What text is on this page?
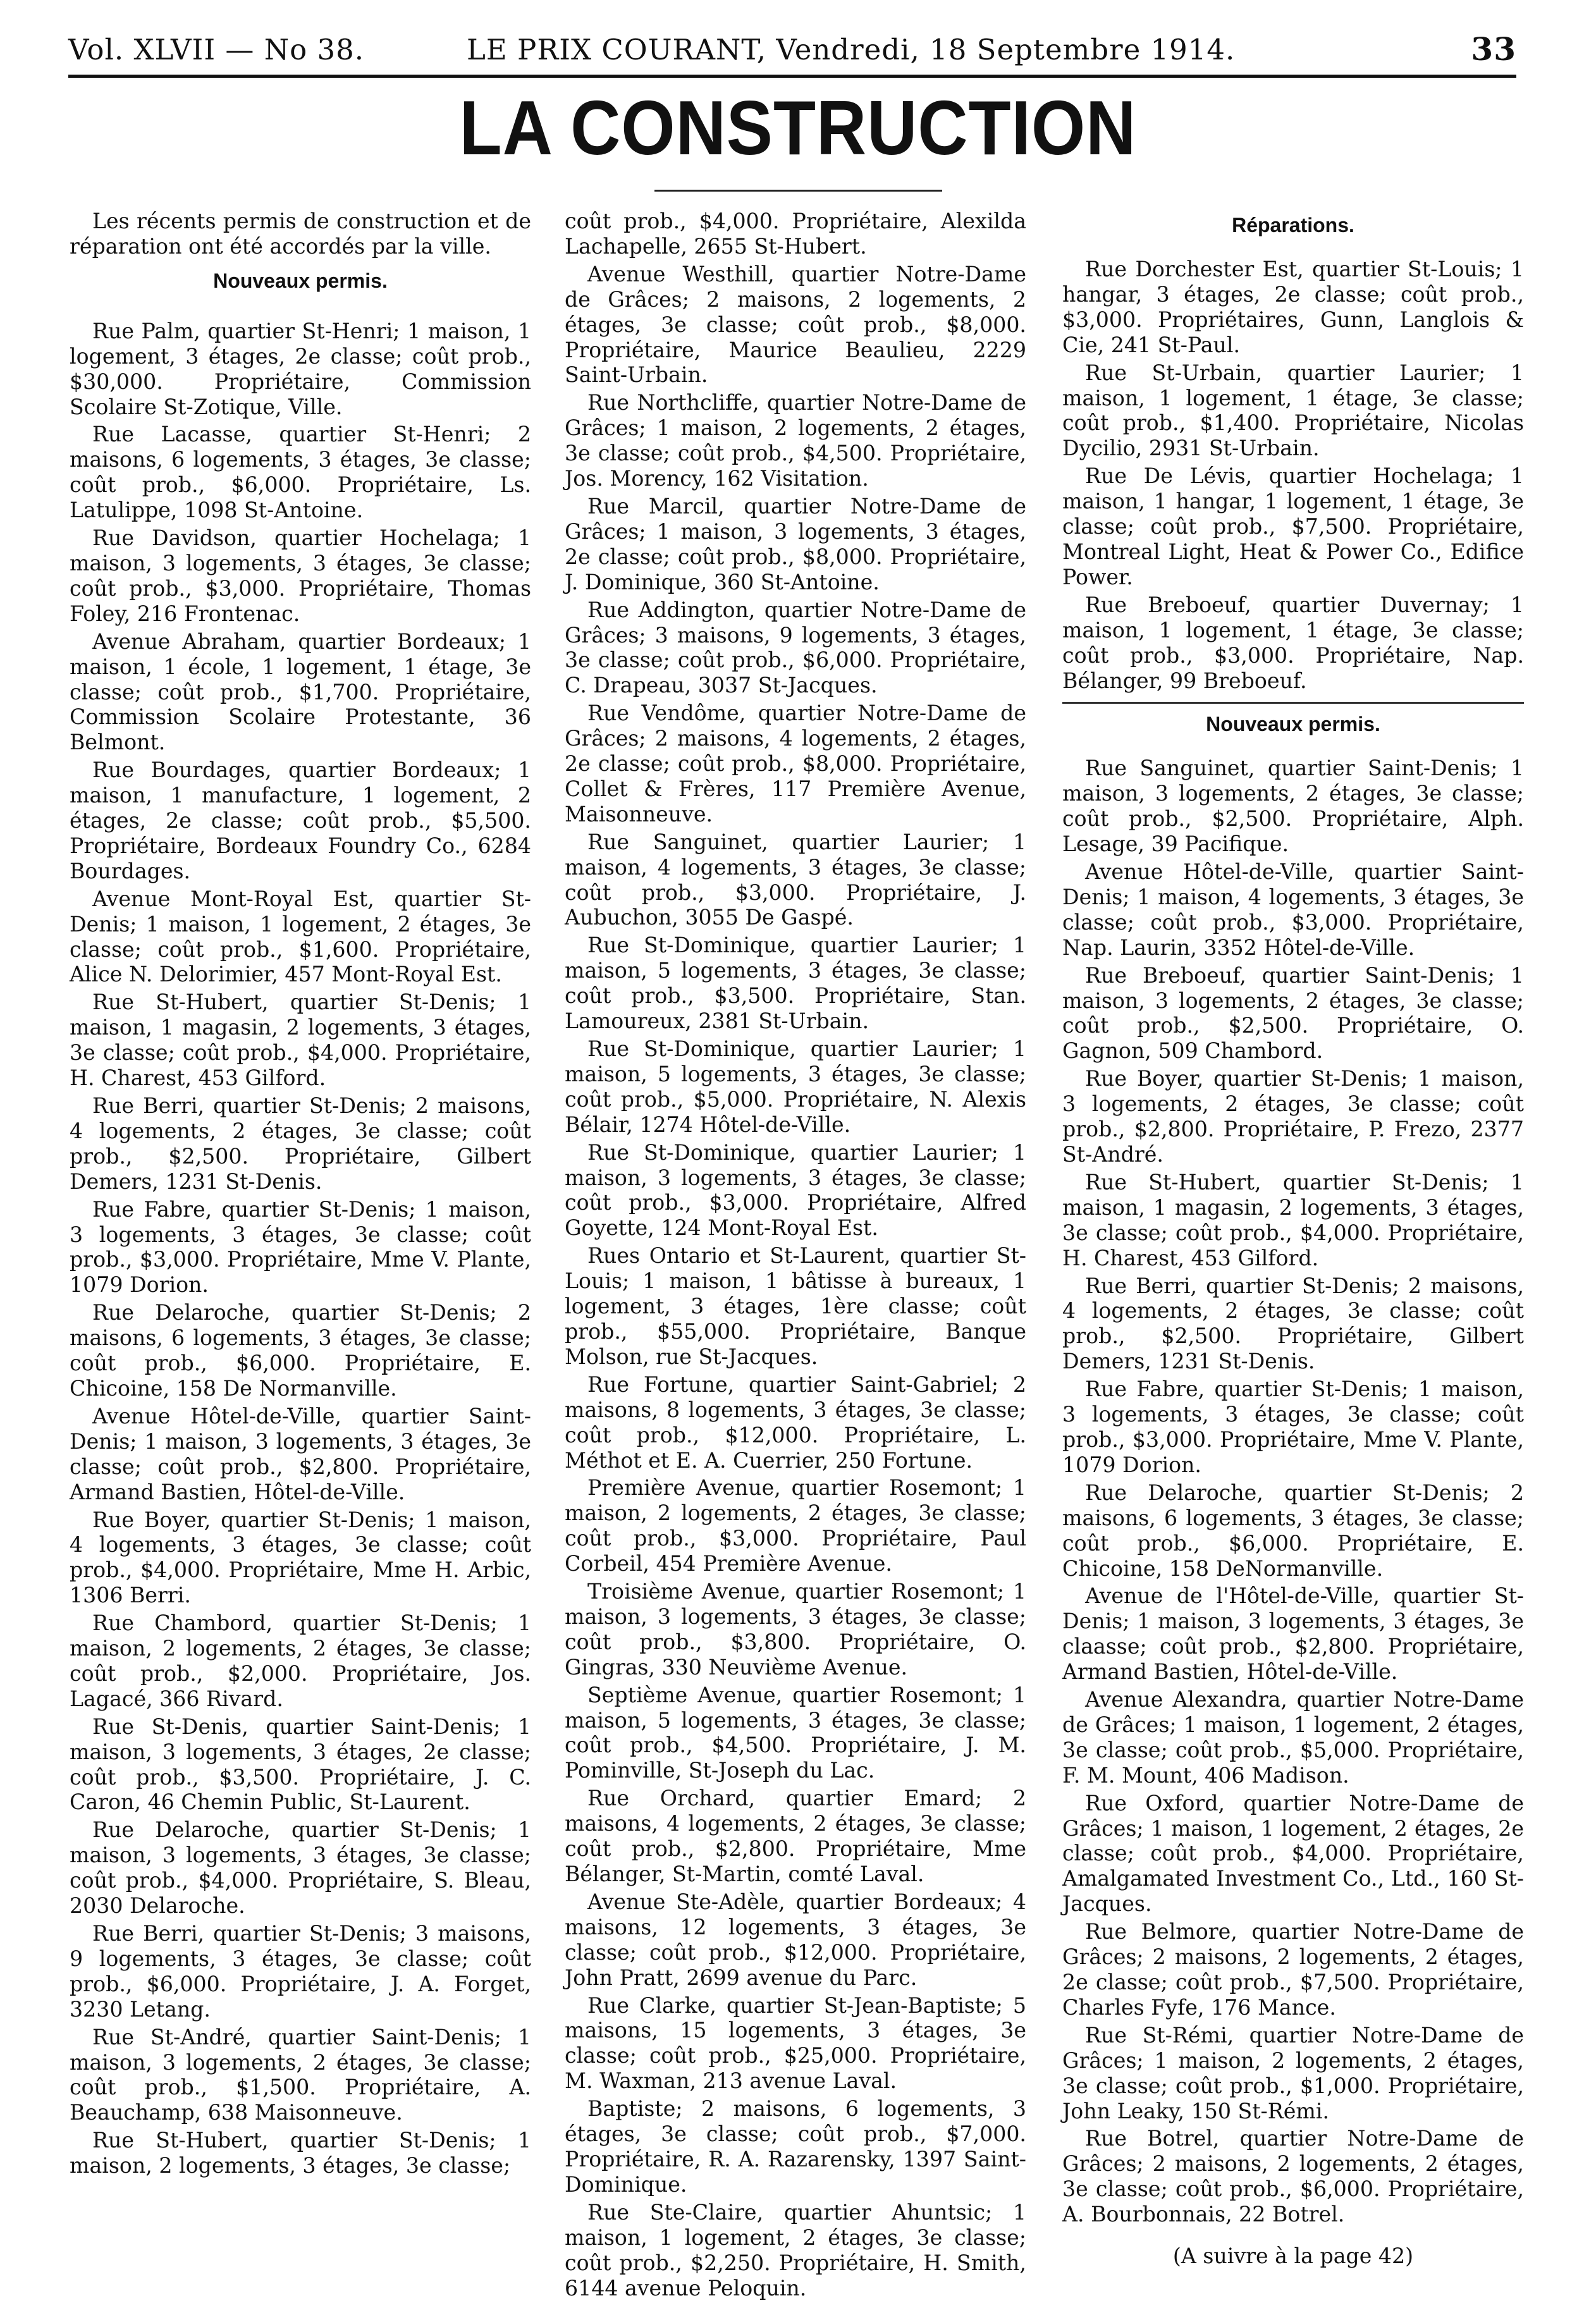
Vol. XLVII — No 38.	LE PRIX COURANT, Vendredi, 18 Septembre 1914.	33
LA CONSTRUCTION

Les récents permis de construction et de réparation ont été accordés par la ville.

Nouveaux permis.

Rue Palm, quartier St-Henri; 1 maison, 1 logement, 3 étages, 2e classe; coût prob., $30,000. Propriétaire, Commission Scolaire St-Zotique, Ville.

Rue Lacasse, quartier St-Henri; 2 maisons, 6 logements, 3 étages, 3e classe; coût prob., $6,000. Propriétaire, Ls. Latulippe, 1098 St-Antoine.

Rue Davidson, quartier Hochelaga; 1 maison, 3 logements, 3 étages, 3e classe; coût prob., $3,000. Propriétaire, Thomas Foley, 216 Frontenac.

Avenue Abraham, quartier Bordeaux; 1 maison, 1 école, 1 logement, 1 étage, 3e classe; coût prob., $1,700. Propriétaire, Commission Scolaire Protestante, 36 Belmont.

Rue Bourdages, quartier Bordeaux; 1 maison, 1 manufacture, 1 logement, 2 étages, 2e classe; coût prob., $5,500. Propriétaire, Bordeaux Foundry Co., 6284 Bourdages.

Avenue Mont-Royal Est, quartier St-Denis; 1 maison, 1 logement, 2 étages, 3e classe; coût prob., $1,600. Propriétaire, Alice N. Delorimier, 457 Mont-Royal Est.

Rue St-Hubert, quartier St-Denis; 1 maison, 1 magasin, 2 logements, 3 étages, 3e classe; coût prob., $4,000. Propriétaire, H. Charest, 453 Gilford.

Rue Berri, quartier St-Denis; 2 maisons, 4 logements, 2 étages, 3e classe; coût prob., $2,500. Propriétaire, Gilbert Demers, 1231 St-Denis.

Rue Fabre, quartier St-Denis; 1 maison, 3 logements, 3 étages, 3e classe; coût prob., $3,000. Propriétaire, Mme V. Plante, 1079 Dorion.

Rue Delaroche, quartier St-Denis; 2 maisons, 6 logements, 3 étages, 3e classe; coût prob., $6,000. Propriétaire, E. Chicoine, 158 De Normanville.

Avenue Hôtel-de-Ville, quartier Saint-Denis; 1 maison, 3 logements, 3 étages, 3e classe; coût prob., $2,800. Propriétaire, Armand Bastien, Hôtel-de-Ville.

Rue Boyer, quartier St-Denis; 1 maison, 4 logements, 3 étages, 3e classe; coût prob., $4,000. Propriétaire, Mme H. Arbic, 1306 Berri.

Rue Chambord, quartier St-Denis; 1 maison, 2 logements, 2 étages, 3e classe; coût prob., $2,000. Propriétaire, Jos. Lagacé, 366 Rivard.

Rue St-Denis, quartier Saint-Denis; 1 maison, 3 logements, 3 étages, 2e classe; coût prob., $3,500. Propriétaire, J. C. Caron, 46 Chemin Public, St-Laurent.

Rue Delaroche, quartier St-Denis; 1 maison, 3 logements, 3 étages, 3e classe; coût prob., $4,000. Propriétaire, S. Bleau, 2030 Delaroche.

Rue Berri, quartier St-Denis; 3 maisons, 9 logements, 3 étages, 3e classe; coût prob., $6,000. Propriétaire, J. A. Forget, 3230 Letang.

Rue St-André, quartier Saint-Denis; 1 maison, 3 logements, 2 étages, 3e classe; coût prob., $1,500. Propriétaire, A. Beauchamp, 638 Maisonneuve.

Rue St-Hubert, quartier St-Denis; 1 maison, 2 logements, 3 étages, 3e classe;

coût prob., $4,000. Propriétaire, Alexilda Lachapelle, 2655 St-Hubert.

Avenue Westhill, quartier Notre-Dame de Grâces; 2 maisons, 2 logements, 2 étages, 3e classe; coût prob., $8,000. Propriétaire, Maurice Beaulieu, 2229 Saint-Urbain.

Rue Northcliffe, quartier Notre-Dame de Grâces; 1 maison, 2 logements, 2 étages, 3e classe; coût prob., $4,500. Propriétaire, Jos. Morency, 162 Visitation.

Rue Marcil, quartier Notre-Dame de Grâces; 1 maison, 3 logements, 3 étages, 2e classe; coût prob., $8,000. Propriétaire, J. Dominique, 360 St-Antoine.

Rue Addington, quartier Notre-Dame de Grâces; 3 maisons, 9 logements, 3 étages, 3e classe; coût prob., $6,000. Propriétaire, C. Drapeau, 3037 St-Jacques.

Rue Vendôme, quartier Notre-Dame de Grâces; 2 maisons, 4 logements, 2 étages, 2e classe; coût prob., $8,000. Propriétaire, Collet & Frères, 117 Première Avenue, Maisonneuve.

Rue Sanguinet, quartier Laurier; 1 maison, 4 logements, 3 étages, 3e classe; coût prob., $3,000. Propriétaire, J. Aubuchon, 3055 De Gaspé.

Rue St-Dominique, quartier Laurier; 1 maison, 5 logements, 3 étages, 3e classe; coût prob., $3,500. Propriétaire, Stan. Lamoureux, 2381 St-Urbain.

Rue St-Dominique, quartier Laurier; 1 maison, 5 logements, 3 étages, 3e classe; coût prob., $5,000. Propriétaire, N. Alexis Bélair, 1274 Hôtel-de-Ville.

Rue St-Dominique, quartier Laurier; 1 maison, 3 logements, 3 étages, 3e classe; coût prob., $3,000. Propriétaire, Alfred Goyette, 124 Mont-Royal Est.

Rues Ontario et St-Laurent, quartier St-Louis; 1 maison, 1 bâtisse à bureaux, 1 logement, 3 étages, 1ère classe; coût prob., $55,000. Propriétaire, Banque Molson, rue St-Jacques.

Rue Fortune, quartier Saint-Gabriel; 2 maisons, 8 logements, 3 étages, 3e classe; coût prob., $12,000. Propriétaire, L. Méthot et E. A. Cuerrier, 250 Fortune.

Première Avenue, quartier Rosemont; 1 maison, 2 logements, 2 étages, 3e classe; coût prob., $3,000. Propriétaire, Paul Corbeil, 454 Première Avenue.

Troisième Avenue, quartier Rosemont; 1 maison, 3 logements, 3 étages, 3e classe; coût prob., $3,800. Propriétaire, O. Gingras, 330 Neuvième Avenue.

Septième Avenue, quartier Rosemont; 1 maison, 5 logements, 3 étages, 3e classe; coût prob., $4,500. Propriétaire, J. M. Pominville, St-Joseph du Lac.

Rue Orchard, quartier Emard; 2 maisons, 4 logements, 2 étages, 3e classe; coût prob., $2,800. Propriétaire, Mme Bélanger, St-Martin, comté Laval.

Avenue Ste-Adèle, quartier Bordeaux; 4 maisons, 12 logements, 3 étages, 3e classe; coût prob., $12,000. Propriétaire, John Pratt, 2699 avenue du Parc.

Rue Clarke, quartier St-Jean-Baptiste; 5 maisons, 15 logements, 3 étages, 3e classe; coût prob., $25,000. Propriétaire, M. Waxman, 213 avenue Laval.

Baptiste; 2 maisons, 6 logements, 3 étages, 3e classe; coût prob., $7,000. Propriétaire, R. A. Razarensky, 1397 Saint-Dominique.

Rue Ste-Claire, quartier Ahuntsic; 1 maison, 1 logement, 2 étages, 3e classe; coût prob., $2,250. Propriétaire, H. Smith, 6144 avenue Peloquin.

Réparations.

Rue Dorchester Est, quartier St-Louis; 1 hangar, 3 étages, 2e classe; coût prob., $3,000. Propriétaires, Gunn, Langlois & Cie, 241 St-Paul.

Rue St-Urbain, quartier Laurier; 1 maison, 1 logement, 1 étage, 3e classe; coût prob., $1,400. Propriétaire, Nicolas Dycilio, 2931 St-Urbain.

Rue De Lévis, quartier Hochelaga; 1 maison, 1 hangar, 1 logement, 1 étage, 3e classe; coût prob., $7,500. Propriétaire, Montreal Light, Heat & Power Co., Edifice Power.

Rue Breboeuf, quartier Duvernay; 1 maison, 1 logement, 1 étage, 3e classe; coût prob., $3,000. Propriétaire, Nap. Bélanger, 99 Breboeuf.

Nouveaux permis.

Rue Sanguinet, quartier Saint-Denis; 1 maison, 3 logements, 2 étages, 3e classe; coût prob., $2,500. Propriétaire, Alph. Lesage, 39 Pacifique.

Avenue Hôtel-de-Ville, quartier Saint-Denis; 1 maison, 4 logements, 3 étages, 3e classe; coût prob., $3,000. Propriétaire, Nap. Laurin, 3352 Hôtel-de-Ville.

Rue Breboeuf, quartier Saint-Denis; 1 maison, 3 logements, 2 étages, 3e classe; coût prob., $2,500. Propriétaire, O. Gagnon, 509 Chambord.

Rue Boyer, quartier St-Denis; 1 maison, 3 logements, 2 étages, 3e classe; coût prob., $2,800. Propriétaire, P. Frezo, 2377 St-André.

Rue St-Hubert, quartier St-Denis; 1 maison, 1 magasin, 2 logements, 3 étages, 3e classe; coût prob., $4,000. Propriétaire, H. Charest, 453 Gilford.

Rue Berri, quartier St-Denis; 2 maisons, 4 logements, 2 étages, 3e classe; coût prob., $2,500. Propriétaire, Gilbert Demers, 1231 St-Denis.

Rue Fabre, quartier St-Denis; 1 maison, 3 logements, 3 étages, 3e classe; coût prob., $3,000. Propriétaire, Mme V. Plante, 1079 Dorion.

Rue Delaroche, quartier St-Denis; 2 maisons, 6 logements, 3 étages, 3e classe; coût prob., $6,000. Propriétaire, E. Chicoine, 158 DeNormanville.

Avenue de l'Hôtel-de-Ville, quartier St-Denis; 1 maison, 3 logements, 3 étages, 3e claasse; coût prob., $2,800. Propriétaire, Armand Bastien, Hôtel-de-Ville.

Avenue Alexandra, quartier Notre-Dame de Grâces; 1 maison, 1 logement, 2 étages, 3e classe; coût prob., $5,000. Propriétaire, F. M. Mount, 406 Madison.

Rue Oxford, quartier Notre-Dame de Grâces; 1 maison, 1 logement, 2 étages, 2e classe; coût prob., $4,000. Propriétaire, Amalgamated Investment Co., Ltd., 160 St-Jacques.

Rue Belmore, quartier Notre-Dame de Grâces; 2 maisons, 2 logements, 2 étages, 2e classe; coût prob., $7,500. Propriétaire, Charles Fyfe, 176 Mance.

Rue St-Rémi, quartier Notre-Dame de Grâces; 1 maison, 2 logements, 2 étages, 3e classe; coût prob., $1,000. Propriétaire, John Leaky, 150 St-Rémi.

Rue Botrel, quartier Notre-Dame de Grâces; 2 maisons, 2 logements, 2 étages, 3e classe; coût prob., $6,000. Propriétaire, A. Bourbonnais, 22 Botrel.

(A suivre à la page 42)
